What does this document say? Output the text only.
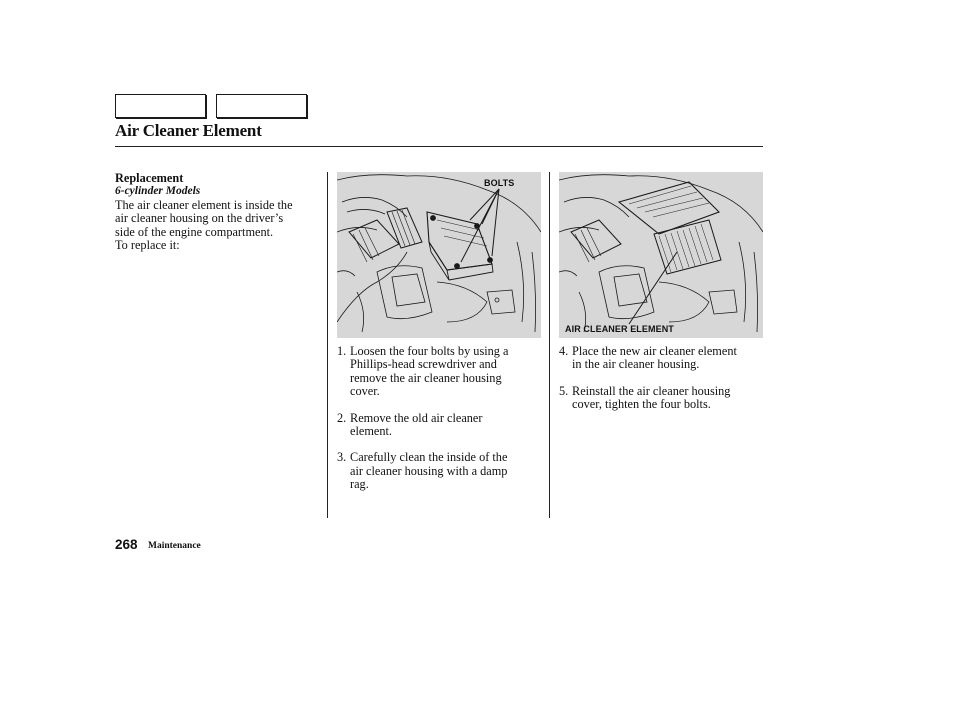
Air Cleaner Element
Replacement
6-cylinder Models
The air cleaner element is inside the
air cleaner housing on the driver’s
side of the engine compartment.
To replace it:
BOLTS
AIR CLEANER ELEMENT
1. Loosen the four bolts by using a
Phillips-head screwdriver and
remove the air cleaner housing
cover.
2. Remove the old air cleaner
element.
3. Carefully clean the inside of the
air cleaner housing with a damp
rag.
4. Place the new air cleaner element
in the air cleaner housing.
5. Reinstall the air cleaner housing
cover, tighten the four bolts.
268 Maintenance
